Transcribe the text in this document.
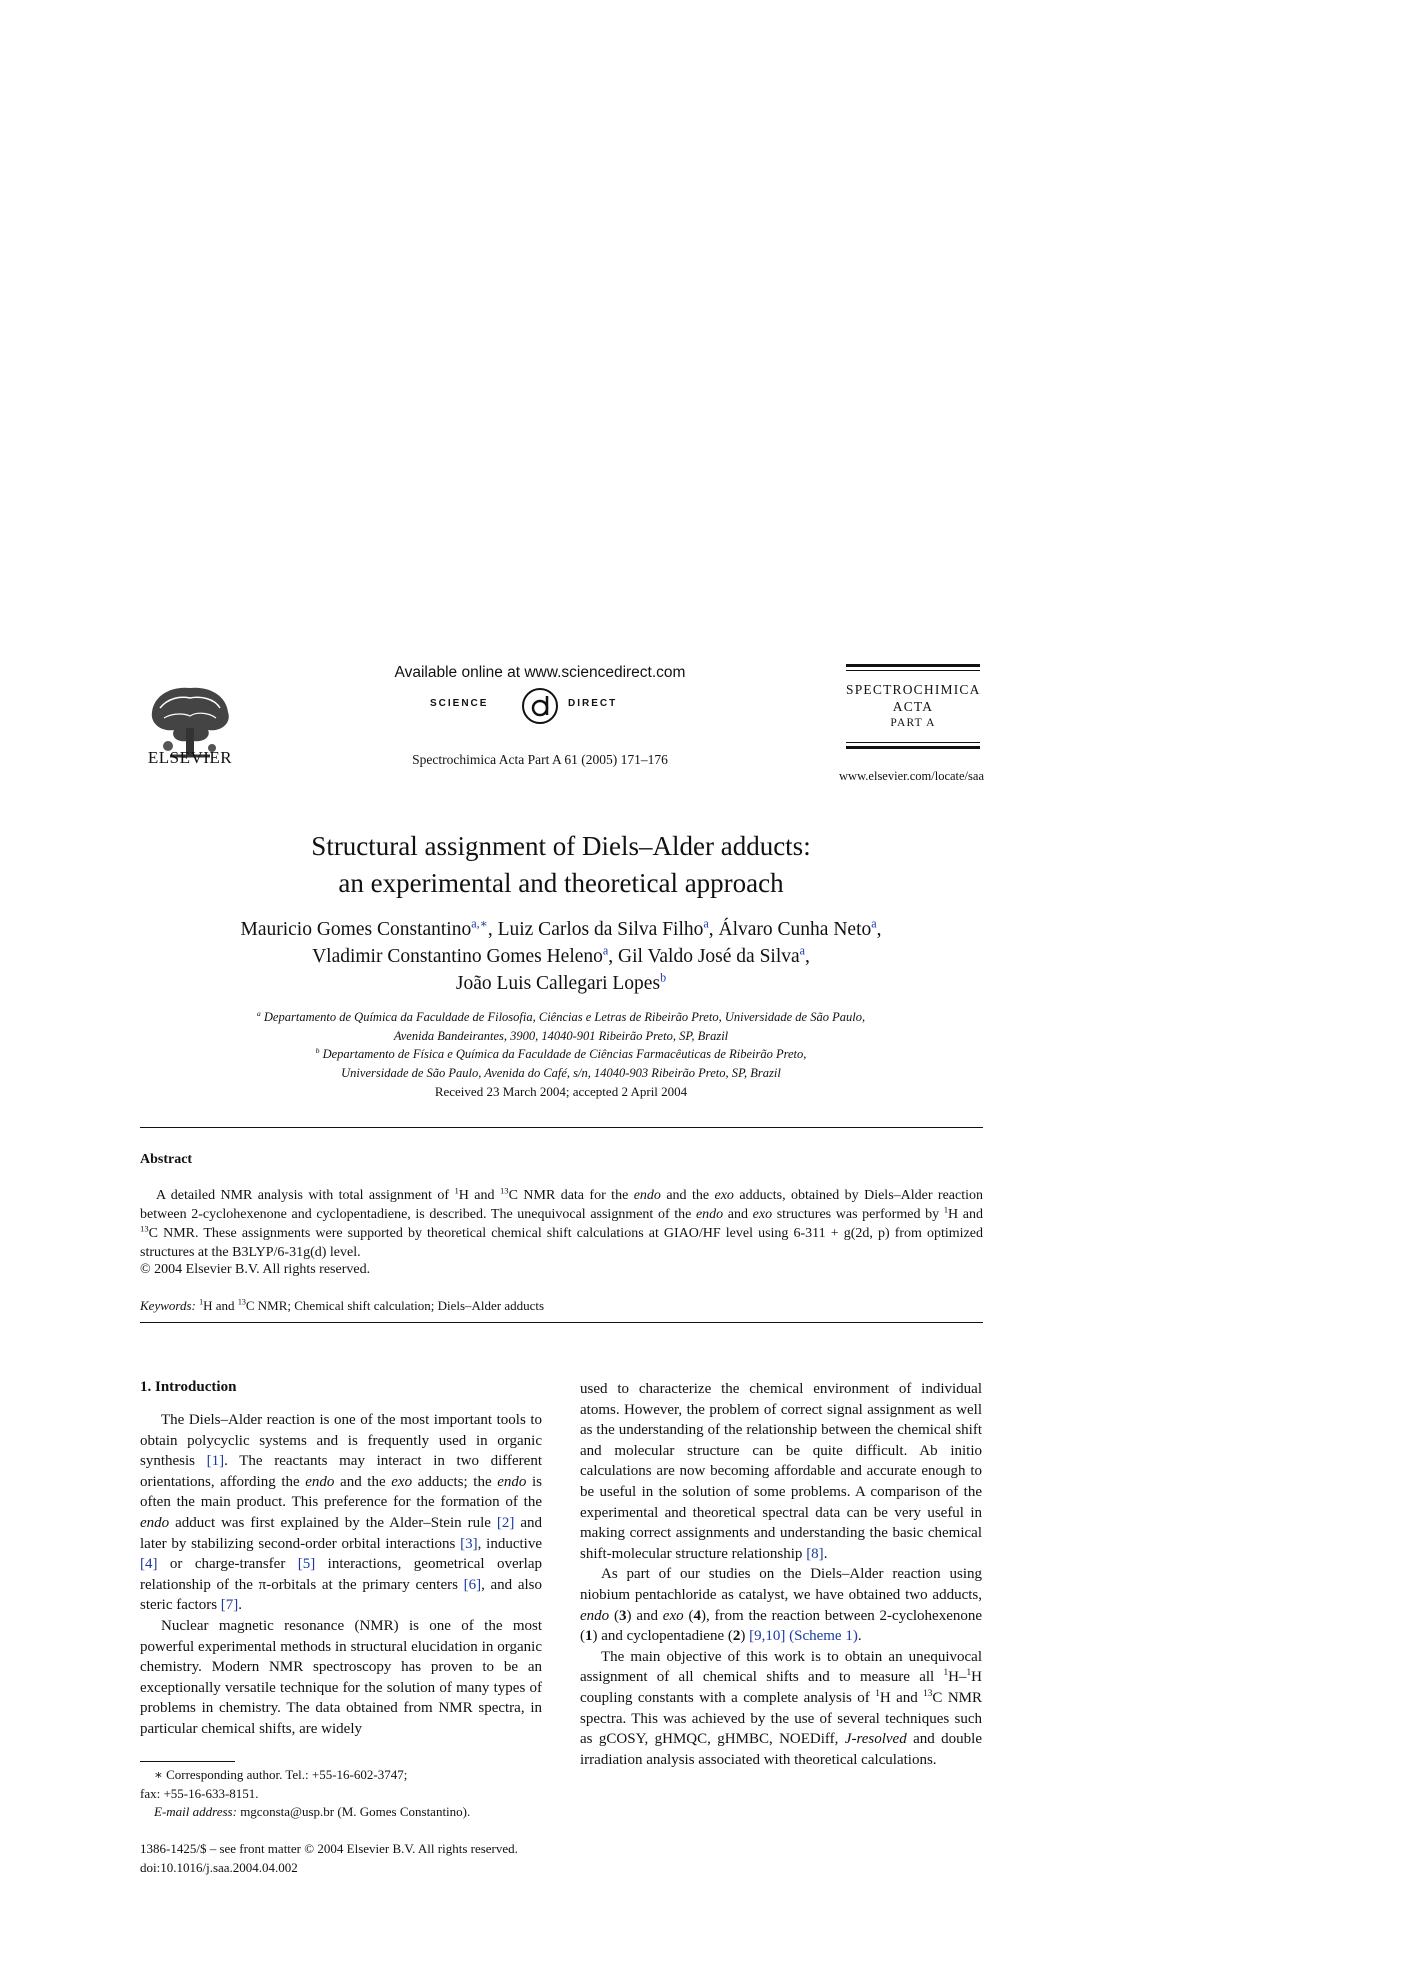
ELSEVIER
Available online at www.sciencedirect.com
SCIENCE	DIRECT
Spectrochimica Acta Part A 61 (2005) 171–176
SPECTROCHIMICA
ACTA
PART A
www.elsevier.com/locate/saa
Structural assignment of Diels–Alder adducts:
an experimental and theoretical approach
Mauricio Gomes Constantino$^{a,∗}$, Luiz Carlos da Silva Filho$^a$, Álvaro Cunha Neto$^a$,
Vladimir Constantino Gomes Heleno$^a$, Gil Valdo José da Silva$^a$,
João Luis Callegari Lopes$^b$
$^a$ Departamento de Química da Faculdade de Filosofia, Ciências e Letras de Ribeirão Preto, Universidade de São Paulo,
Avenida Bandeirantes, 3900, 14040-901 Ribeirão Preto, SP, Brazil
$^b$ Departamento de Física e Química da Faculdade de Ciências Farmacêuticas de Ribeirão Preto,
Universidade de São Paulo, Avenida do Café, s/n, 14040-903 Ribeirão Preto, SP, Brazil
Received 23 March 2004; accepted 2 April 2004
Abstract

A detailed NMR analysis with total assignment of $^1$H and $^{13}$C NMR data for the endo and the exo adducts, obtained by Diels–Alder reaction between 2-cyclohexenone and cyclopentadiene, is described. The unequivocal assignment of the endo and exo structures was performed by $^1$H and $^{13}$C NMR. These assignments were supported by theoretical chemical shift calculations at GIAO/HF level using 6-311 + g(2d, p) from optimized structures at the B3LYP/6-31g(d) level.

© 2004 Elsevier B.V. All rights reserved.
Keywords: $^1$H and $^{13}$C NMR; Chemical shift calculation; Diels–Alder adducts
1. Introduction

The Diels–Alder reaction is one of the most important tools to obtain polycyclic systems and is frequently used in organic synthesis [1]. The reactants may interact in two different orientations, affording the endo and the exo adducts; the endo is often the main product. This preference for the formation of the endo adduct was first explained by the Alder–Stein rule [2] and later by stabilizing second-order orbital interactions [3], inductive [4] or charge-transfer [5] interactions, geometrical overlap relationship of the π-orbitals at the primary centers [6], and also steric factors [7].

Nuclear magnetic resonance (NMR) is one of the most powerful experimental methods in structural elucidation in organic chemistry. Modern NMR spectroscopy has proven to be an exceptionally versatile technique for the solution of many types of problems in chemistry. The data obtained from NMR spectra, in particular chemical shifts, are widely

used to characterize the chemical environment of individual atoms. However, the problem of correct signal assignment as well as the understanding of the relationship between the chemical shift and molecular structure can be quite difficult. Ab initio calculations are now becoming affordable and accurate enough to be useful in the solution of some problems. A comparison of the experimental and theoretical spectral data can be very useful in making correct assignments and understanding the basic chemical shift-molecular structure relationship [8].

As part of our studies on the Diels–Alder reaction using niobium pentachloride as catalyst, we have obtained two adducts, endo (3) and exo (4), from the reaction between 2-cyclohexenone (1) and cyclopentadiene (2) [9,10] (Scheme 1).

The main objective of this work is to obtain an unequivocal assignment of all chemical shifts and to measure all $^1$H–$^1$H coupling constants with a complete analysis of $^1$H and $^{13}$C NMR spectra. This was achieved by the use of several techniques such as gCOSY, gHMQC, gHMBC, NOEDiff, J-resolved and double irradiation analysis associated with theoretical calculations.

∗ Corresponding author. Tel.: +55-16-602-3747;
fax: +55-16-633-8151.
E-mail address: mgconsta@usp.br (M. Gomes Constantino).
1386-1425/$ – see front matter © 2004 Elsevier B.V. All rights reserved.
doi:10.1016/j.saa.2004.04.002
